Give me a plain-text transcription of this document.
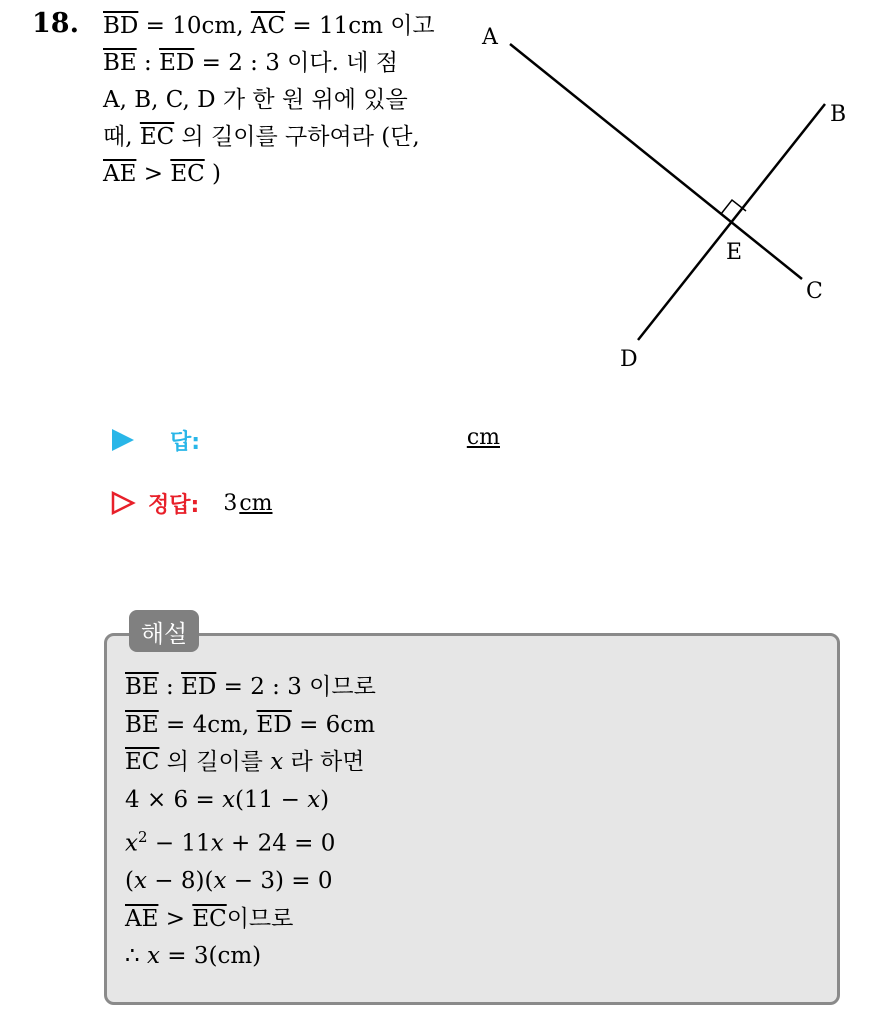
18. $\overline{BD} = 10cm$, $\overline{AC} = 11cm$ 이고
$\overline{BE}$ : $\overline{ED} = 2$ : 3 이다. 네 점
A, B, C, D 가 한 원 위에 있을
때, $\overline{EC}$ 의 길이를 구하여라 (단,
$\overline{AE} > \overline{EC}$ )
A
B
C
D
E
답:	cm
정답: 3 cm
해설
$\overline{BE}$ : $\overline{ED} = 2$ : 3 이므로
$\overline{BE} = 4cm$, $\overline{ED} = 6cm$
$\overline{EC}$ 의 길이를 x 라 하면
4 × 6 = x(11 − x)
$x^2 - 11x + 24 = 0$
(x − 8)(x − 3) = 0
$\overline{AE} > \overline{EC}$이므로
∴ x = 3(cm)
